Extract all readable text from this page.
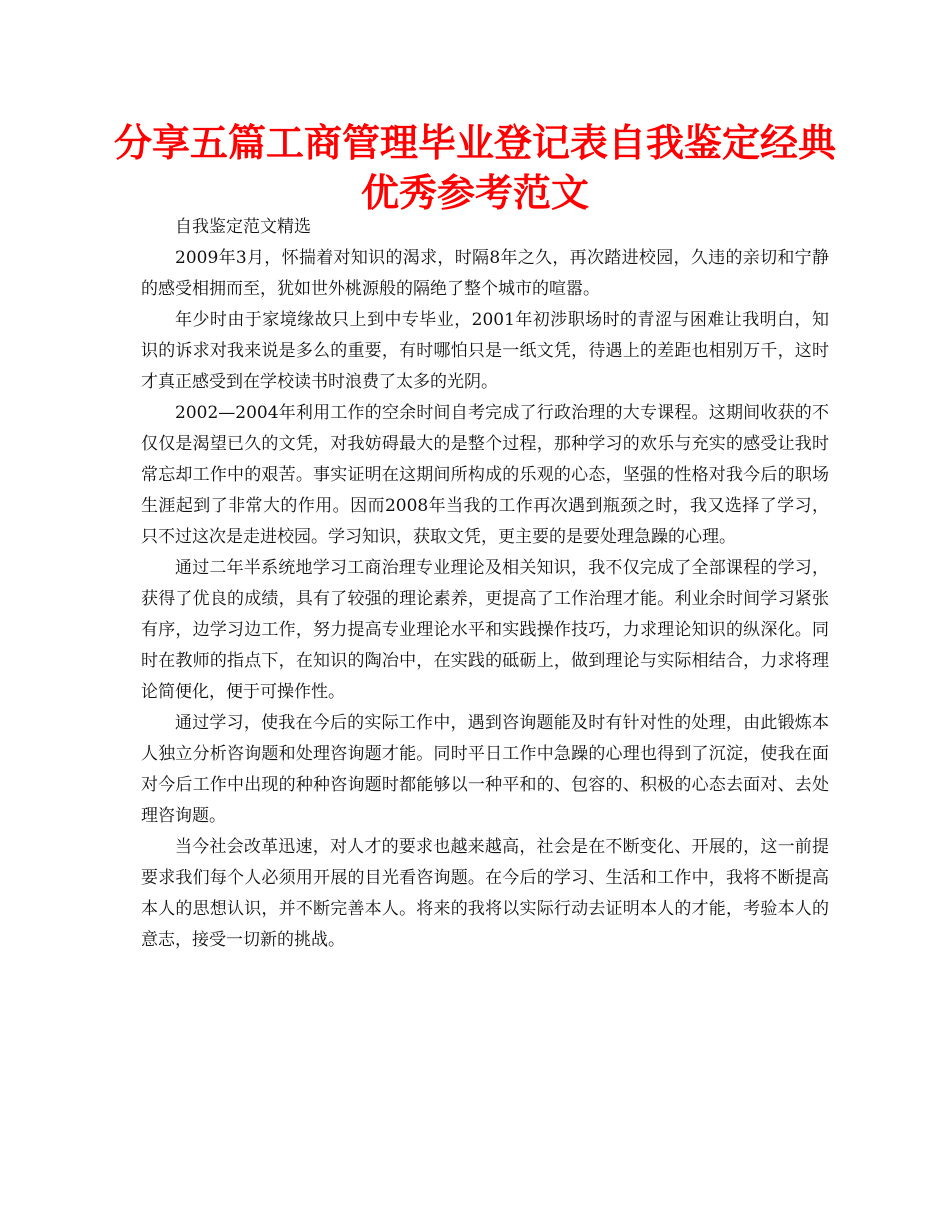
分享五篇工商管理毕业登记表自我鉴定经典优秀参考范文

自我鉴定范文精选

2009年3月，怀揣着对知识的渴求，时隔8年之久，再次踏进校园，久违的亲切和宁静的感受相拥而至，犹如世外桃源般的隔绝了整个城市的喧嚣。

年少时由于家境缘故只上到中专毕业，2001年初涉职场时的青涩与困难让我明白，知识的诉求对我来说是多么的重要，有时哪怕只是一纸文凭，待遇上的差距也相别万千，这时才真正感受到在学校读书时浪费了太多的光阴。

2002—2004年利用工作的空余时间自考完成了行政治理的大专课程。这期间收获的不仅仅是渴望已久的文凭，对我妨碍最大的是整个过程，那种学习的欢乐与充实的感受让我时常忘却工作中的艰苦。事实证明在这期间所构成的乐观的心态，坚强的性格对我今后的职场生涯起到了非常大的作用。因而2008年当我的工作再次遇到瓶颈之时，我又选择了学习，只不过这次是走进校园。学习知识，获取文凭，更主要的是要处理急躁的心理。

通过二年半系统地学习工商治理专业理论及相关知识，我不仅完成了全部课程的学习，获得了优良的成绩，具有了较强的理论素养，更提高了工作治理才能。利业余时间学习紧张有序，边学习边工作，努力提高专业理论水平和实践操作技巧，力求理论知识的纵深化。同时在教师的指点下，在知识的陶冶中，在实践的砥砺上，做到理论与实际相结合，力求将理论简便化，便于可操作性。

通过学习，使我在今后的实际工作中，遇到咨询题能及时有针对性的处理，由此锻炼本人独立分析咨询题和处理咨询题才能。同时平日工作中急躁的心理也得到了沉淀，使我在面对今后工作中出现的种种咨询题时都能够以一种平和的、包容的、积极的心态去面对、去处理咨询题。

当今社会改革迅速，对人才的要求也越来越高，社会是在不断变化、开展的，这一前提要求我们每个人必须用开展的目光看咨询题。在今后的学习、生活和工作中，我将不断提高本人的思想认识，并不断完善本人。将来的我将以实际行动去证明本人的才能，考验本人的意志，接受一切新的挑战。
